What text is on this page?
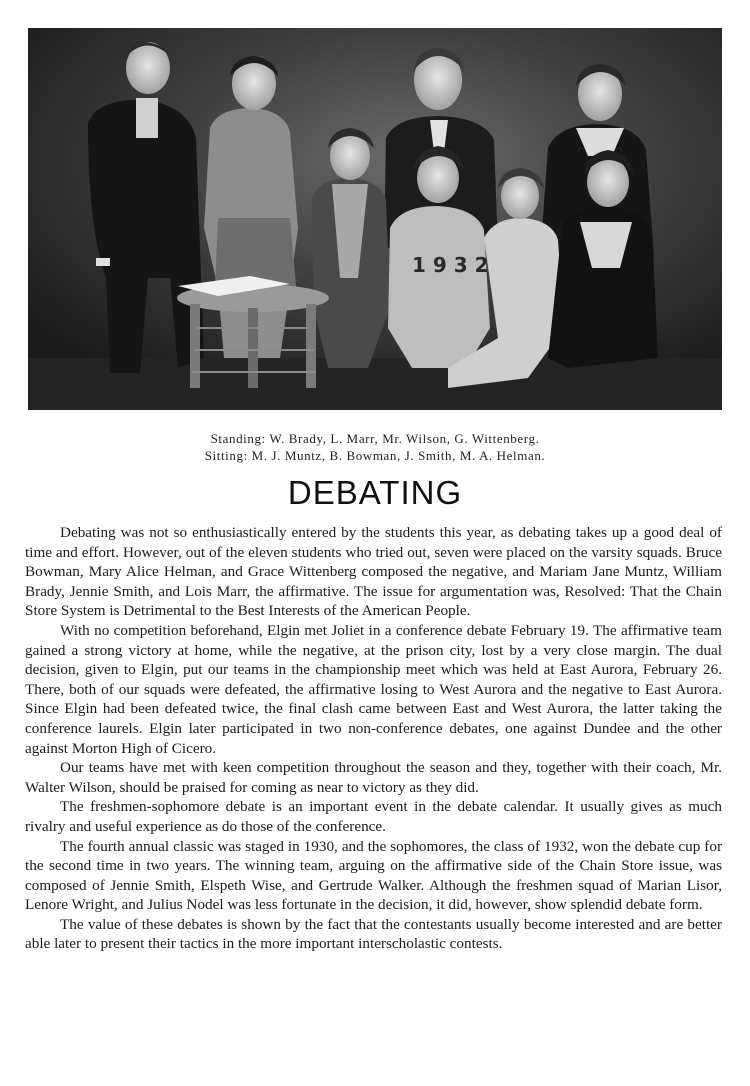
1 9 3 2
Standing: W. Brady, L. Marr, Mr. Wilson, G. Wittenberg.
Sitting: M. J. Muntz, B. Bowman, J. Smith, M. A. Helman.
DEBATING

Debating was not so enthusiastically entered by the students this year, as debating takes up a good deal of time and effort. However, out of the eleven students who tried out, seven were placed on the varsity squads. Bruce Bowman, Mary Alice Helman, and Grace Wittenberg composed the negative, and Mariam Jane Muntz, William Brady, Jennie Smith, and Lois Marr, the affirmative. The issue for argumentation was, Resolved: That the Chain Store System is Detrimental to the Best Interests of the American People.

With no competition beforehand, Elgin met Joliet in a conference debate February 19. The affirmative team gained a strong victory at home, while the negative, at the prison city, lost by a very close margin. The dual decision, given to Elgin, put our teams in the championship meet which was held at East Aurora, February 26. There, both of our squads were defeated, the affirmative losing to West Aurora and the negative to East Aurora. Since Elgin had been defeated twice, the final clash came between East and West Aurora, the latter taking the conference laurels. Elgin later participated in two non-conference debates, one against Dundee and the other against Morton High of Cicero.

Our teams have met with keen competition throughout the season and they, together with their coach, Mr. Walter Wilson, should be praised for coming as near to victory as they did.

The freshmen-sophomore debate is an important event in the debate calendar. It usually gives as much rivalry and useful experience as do those of the conference.

The fourth annual classic was staged in 1930, and the sophomores, the class of 1932, won the debate cup for the second time in two years. The winning team, arguing on the affirmative side of the Chain Store issue, was composed of Jennie Smith, Elspeth Wise, and Gertrude Walker. Although the freshmen squad of Marian Lisor, Lenore Wright, and Julius Nodel was less fortunate in the decision, it did, however, show splendid debate form.

The value of these debates is shown by the fact that the contestants usually become interested and are better able later to present their tactics in the more important interscholastic contests.
